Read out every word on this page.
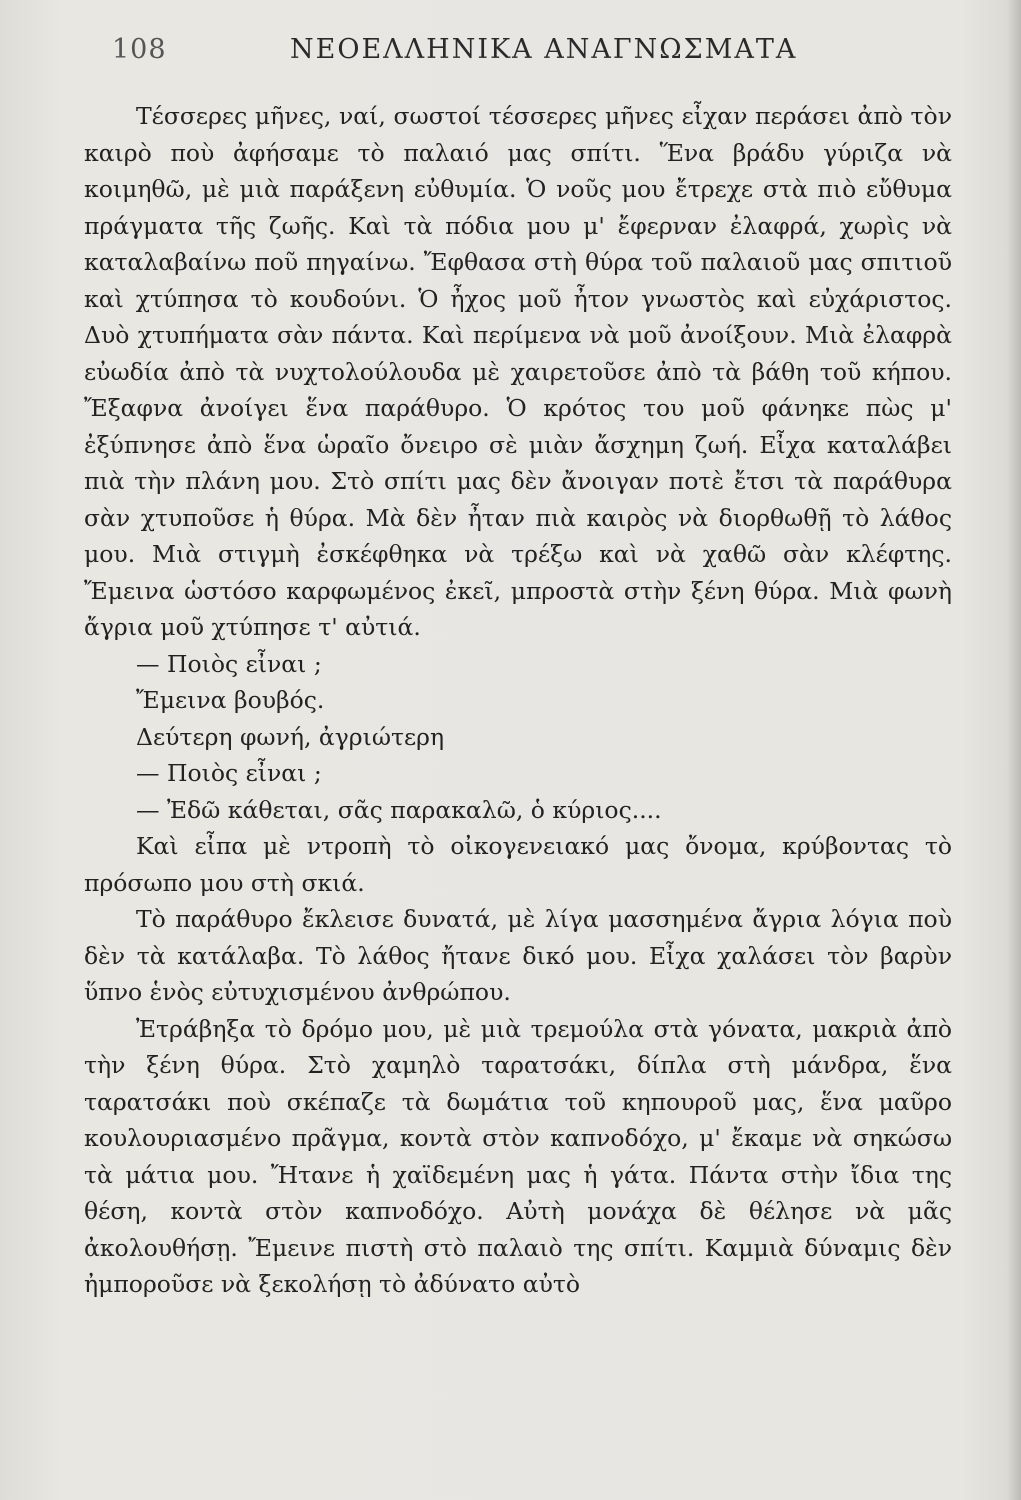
108	ΝΕΟΕΛΛΗΝΙΚΑ ΑΝΑΓΝΩΣΜΑΤΑ

Τέσσερες μῆνες, ναί, σωστοί τέσσερες μῆνες εἶχαν περάσει ἀπὸ τὸν καιρὸ ποὺ ἀφήσαμε τὸ παλαιό μας σπίτι. Ἕνα βράδυ γύριζα νὰ κοιμηθῶ, μὲ μιὰ παράξενη εὐθυμία. Ὁ νοῦς μου ἔτρεχε στὰ πιὸ εὔθυμα πράγματα τῆς ζωῆς. Καὶ τὰ πόδια μου μ' ἔφερναν ἐλαφρά, χωρὶς νὰ καταλαβαίνω ποῦ πηγαίνω. Ἔφθασα στὴ θύρα τοῦ παλαιοῦ μας σπιτιοῦ καὶ χτύπησα τὸ κουδούνι. Ὁ ἦχος μοῦ ἦτον γνωστὸς καὶ εὐχάριστος. Δυὸ χτυπήματα σὰν πάντα. Καὶ περίμενα νὰ μοῦ ἀνοίξουν. Μιὰ ἐλαφρὰ εὐωδία ἀπὸ τὰ νυχτολούλουδα μὲ χαιρετοῦσε ἀπὸ τὰ βάθη τοῦ κήπου. Ἔξαφνα ἀνοίγει ἕνα παράθυρο. Ὁ κρότος του μοῦ φάνηκε πὼς μ' ἐξύπνησε ἀπὸ ἕνα ὡραῖο ὄνειρο σὲ μιὰν ἄσχημη ζωή. Εἶχα καταλάβει πιὰ τὴν πλάνη μου. Στὸ σπίτι μας δὲν ἄνοιγαν ποτὲ ἔτσι τὰ παράθυρα σὰν χτυποῦσε ἡ θύρα. Μὰ δὲν ἦταν πιὰ καιρὸς νὰ διορθωθῇ τὸ λάθος μου. Μιὰ στιγμὴ ἐσκέφθηκα νὰ τρέξω καὶ νὰ χαθῶ σὰν κλέφτης. Ἔμεινα ὡστόσο καρφωμένος ἐκεῖ, μπροστὰ στὴν ξένη θύρα. Μιὰ φωνὴ ἄγρια μοῦ χτύπησε τ' αὐτιά.

— Ποιὸς εἶναι ;

Ἔμεινα βουβός.

Δεύτερη φωνή, ἀγριώτερη

— Ποιὸς εἶναι ;

— Ἐδῶ κάθεται, σᾶς παρακαλῶ, ὁ κύριος....

Καὶ εἶπα μὲ ντροπὴ τὸ οἰκογενειακό μας ὄνομα, κρύβοντας τὸ πρόσωπο μου στὴ σκιά.

Τὸ παράθυρο ἔκλεισε δυνατά, μὲ λίγα μασσημένα ἄγρια λόγια ποὺ δὲν τὰ κατάλαβα. Τὸ λάθος ἤτανε δικό μου. Εἶχα χαλάσει τὸν βαρὺν ὕπνο ἑνὸς εὐτυχισμένου ἀνθρώπου.

Ἐτράβηξα τὸ δρόμο μου, μὲ μιὰ τρεμούλα στὰ γόνατα, μακριὰ ἀπὸ τὴν ξένη θύρα. Στὸ χαμηλὸ ταρατσάκι, δίπλα στὴ μάνδρα, ἕνα ταρατσάκι ποὺ σκέπαζε τὰ δωμάτια τοῦ κηπουροῦ μας, ἕνα μαῦρο κουλουριασμένο πρᾶγμα, κοντὰ στὸν καπνοδόχο, μ' ἔκαμε νὰ σηκώσω τὰ μάτια μου. Ἤτανε ἡ χαϊδεμένη μας ἡ γάτα. Πάντα στὴν ἴδια της θέση, κοντὰ στὸν καπνοδόχο. Αὐτὴ μονάχα δὲ θέλησε νὰ μᾶς ἀκολουθήσῃ. Ἔμεινε πιστὴ στὸ παλαιὸ της σπίτι. Καμμιὰ δύναμις δὲν ἠμποροῦσε νὰ ξεκολήσῃ τὸ ἀδύνατο αὐτὸ
